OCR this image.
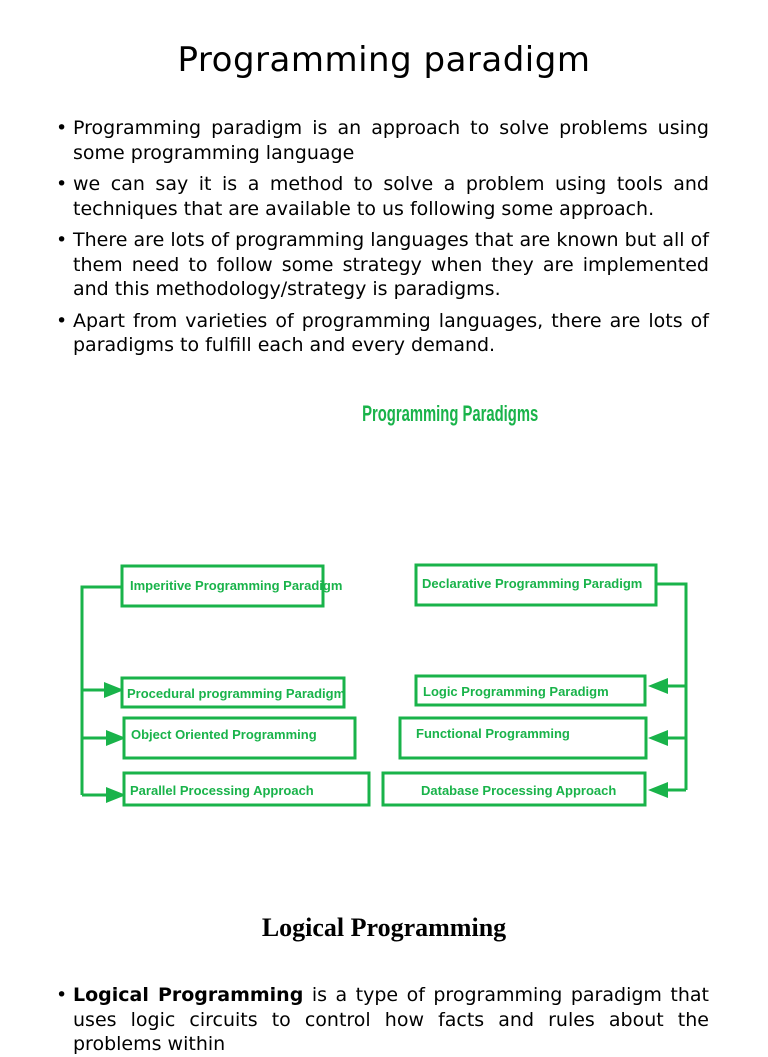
Programming paradigm
• Programming paradigm is an approach to solve problems using some programming language
• we can say it is a method to solve a problem using tools and techniques that are available to us following some approach.
• There are lots of programming languages that are known but all of them need to follow some strategy when they are implemented and this methodology/strategy is paradigms.
• Apart from varieties of programming languages, there are lots of paradigms to fulfill each and every demand.
Programming Paradigms
Imperitive Programming Paradigm
Procedural programming Paradigm
Object Oriented Programming
Parallel Processing Approach
Declarative Programming Paradigm
Logic Programming Paradigm
Functional Programming
Database Processing Approach
Logical Programming
• Logical Programming is a type of programming paradigm that uses logic circuits to control how facts and rules about the problems within
